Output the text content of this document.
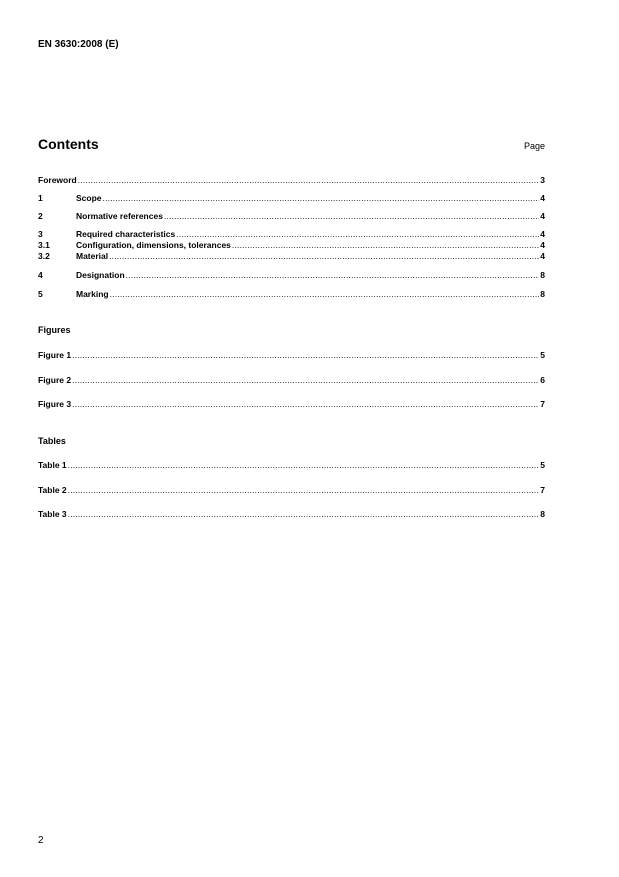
EN 3630:2008 (E)
Contents	Page
Foreword .....	3
1	Scope .....	4
2	Normative references .....	4
3	Required characteristics .....	4
3.1	Configuration, dimensions, tolerances .....	4
3.2	Material .....	4
4	Designation .....	8
5	Marking .....	8
Figures
Figure 1 .....	5
Figure 2 .....	6
Figure 3 .....	7
Tables
Table 1 .....	5
Table 2 .....	7
Table 3 .....	8
2
